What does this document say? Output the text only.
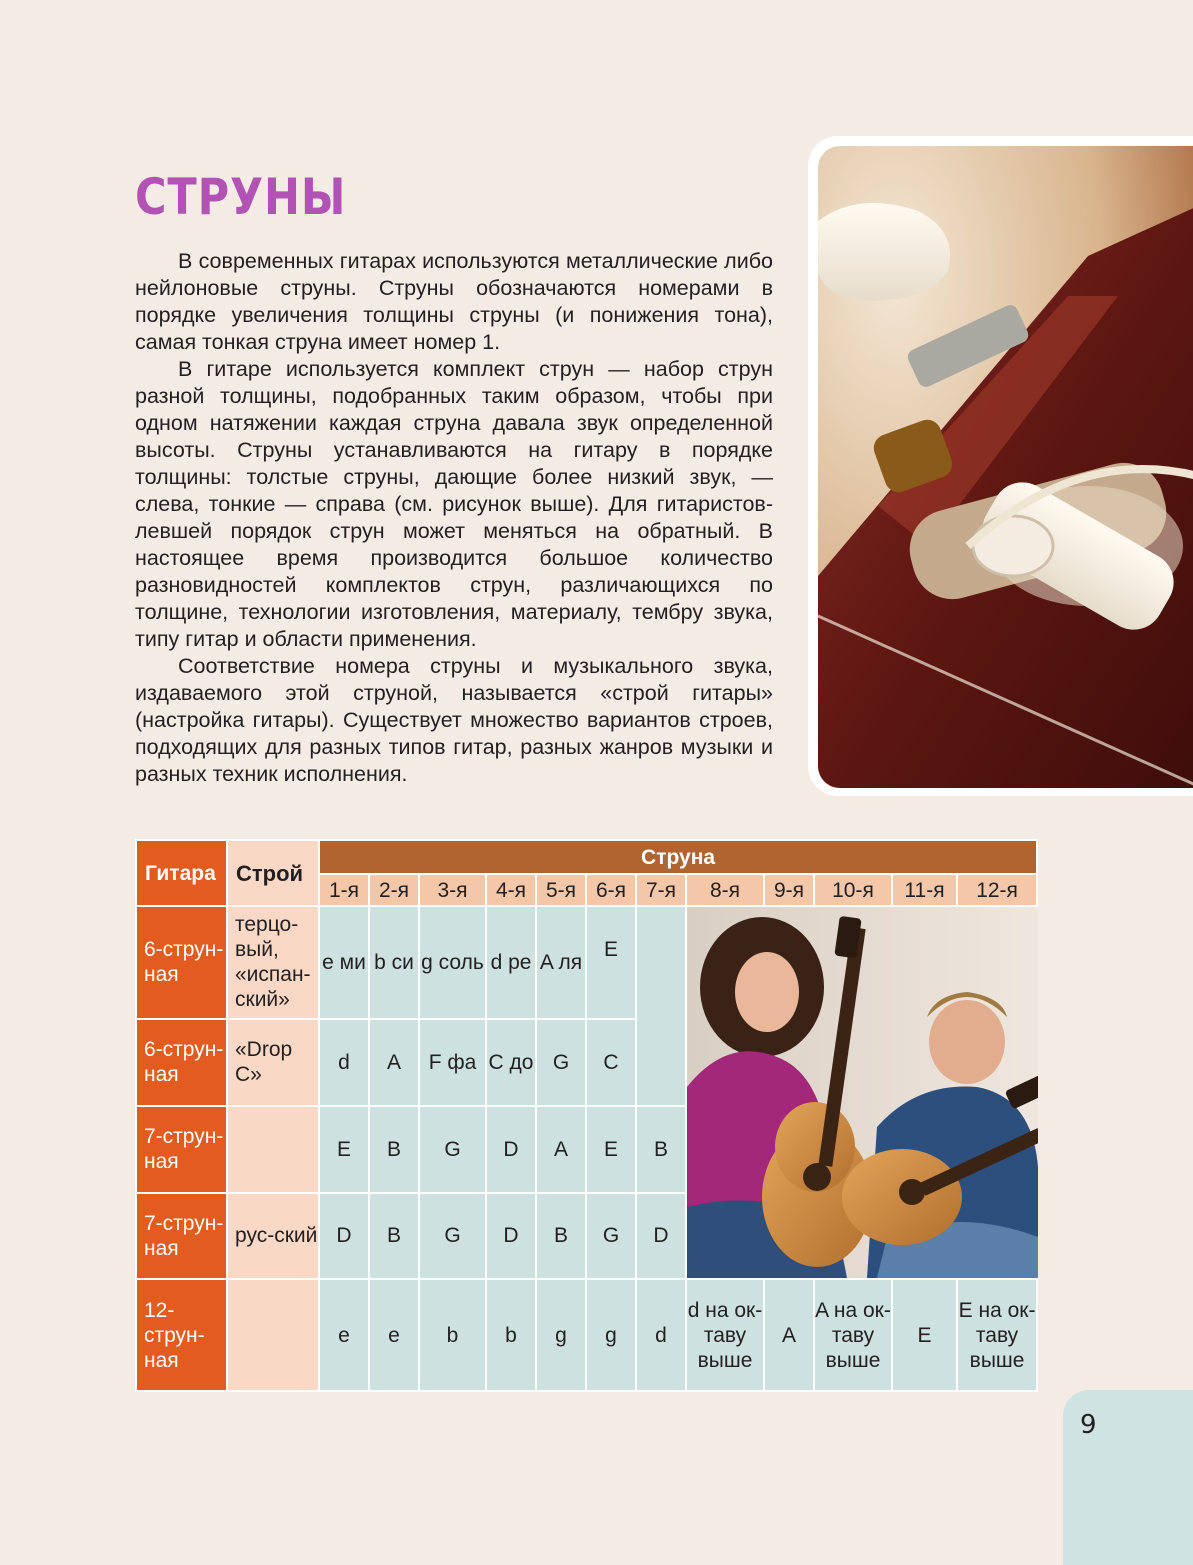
СТРУНЫ

В современных гитарах используются металлические либо нейлоновые струны. Струны обозначаются номерами в порядке увеличения толщины струны (и понижения тона), самая тонкая струна имеет номер 1.

В гитаре используется комплект струн — набор струн разной толщины, подобранных таким образом, чтобы при одном натяжении каждая струна давала звук определенной высоты. Струны устанавливаются на гитару в порядке толщины: толстые струны, дающие более низкий звук, — слева, тонкие — справа (см. рисунок выше). Для гитаристов-левшей порядок струн может меняться на обратный. В настоящее время производится большое количество разновидностей комплектов струн, различающихся по толщине, технологии изготовления, материалу, тембру звука, типу гитар и области применения.

Соответствие номера струны и музыкального звука, издаваемого этой струной, называется «строй гитары» (настройка гитары). Существует множество вариантов строев, подходящих для разных типов гитар, разных жанров музыки и разных техник исполнения.

Гитара	Строй	Струна											
		1-я	2-я	3-я	4-я	5-я	6-я	7-я	8-я	9-я	10-я	11-я	12-я
6-струн-ная	терцо-вый, «испан-ский»	e ми	b си	g соль	d ре	A ля	E		

6-струн-ная	«Drop C»	d	A	F фа	C до	G	C						
7-струн-ная		E	B	G	D	A	E	B					
7-струн-ная	рус-ский	D	B	G	D	B	G	D					
12-струн-ная		e	e	b	b	g	g	d	d на ок-таву выше	A	A на ок-таву выше	E	E на ок-таву выше
9
